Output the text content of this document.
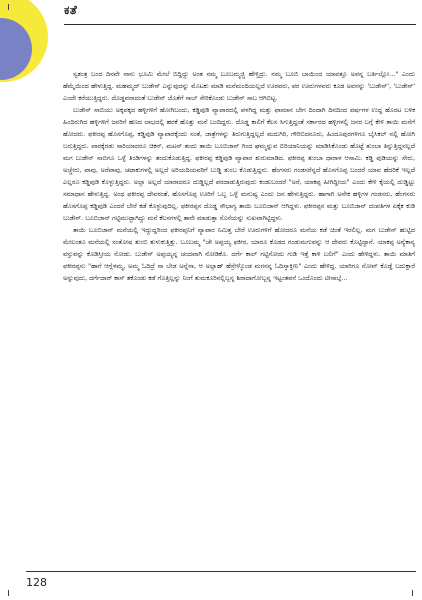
ಕತೆ

ಸ್ವತಂತ್ರ ಬಂದ ದಿನವೇ ನಾನು ಭೂಮಿ ಮೇಲೆ ಬಿದ್ದಿದ್ದು ಅಂತ ನಮ್ಮ ಬೂಬಮ್ಮಜ್ಜಿ ಹೇಳ್ತಿದ್ರು. ನಮ್ಮ ಬೂಬಿ ಬಾಯಿಂದ ಯಾವತ್ತೂ ಅವನ್ನ ಬರ್ತಿಲ್ಲೋ..." ಎಂದು ಹೆಮ್ಮೆಯಿಂದ ಹೇಳುತ್ತಿದ್ದ. ಮಹಮ್ಮದ್ ಬುಡೇನ್ ಎನ್ನುವುದನ್ನು ಮೊಟಕು ಮಾಡಿ ಮನೆಮಂದಿಯಲ್ಲದೆ ಊರವರು, ಪರ ಊರುಗಳವರು ಕೂಡ ಅವನನ್ನು 'ಬುಡೇನ್', 'ಬುಡೇನ್' ಎಂದೇ ಕರೆಯುತ್ತಿದ್ದರು. ದೊಡ್ಡವನಾದಂತೆ ಬುಡೇನ್ ಜೊತೆಗೆ ಸಾಬ್ ಸೇರಿಕೊಂಡು ಬುಡೇನ್ ಸಾಬ ಆಗಿಬಿಟ್ಟ.

ಬುಡೇನ್ ಸಾಬಿಯು ಅಕ್ಕಪಕ್ಕದ ಹಳ್ಳಿಗಳಿಗೆ ಹೋಗಿಬಂದು, ಕಡ್ಡಿಪುಡಿ ವ್ಯಾಪಾರದಲ್ಲಿ ಪಳಗಿದ್ದ ಮತ್ತು ಫಾಮಾನ ಬೇಗ ದಿಂದಾಗಿ ದಿನದಿಂದ ವರ್ಷಗಳ ಉದ್ದ ಹೊರಟ ಬಳಿಕ ಹಿಂದಿರುಗಿದ ಹಳ್ಳಿಗಳಿಗೆ ಜನರಿಗೆ ಹಣದ ಲಾಭದಲ್ಲಿ ಹರಕೆ ಹೊತ್ತು ಮನೆ ಬಂದಿದ್ದರು. ದೊಡ್ಡ ಕಾಲಿಗೆ ಕೆಲಸ ಸಿಗುತ್ತಿದ್ದಂತೆ ಸರ್ಕಾರದ ಹಳ್ಳಿಗಳಲ್ಲಿ ಜನರ ಬಗ್ಗೆ ಕೇಳಿ ತಾಯಿ ಮನೆಗೆ ಹೋದರು. ಫಕೀರಪ್ಪ ಹೊಸಗೊಪ್ಪ, ಕಡ್ಡಿಪುಡಿ ವ್ಯಾಪಾರಕ್ಕೆಂದು ಸಂತೆ, ಜಾತ್ರೆಗಳನ್ನು ತಿರುಗುತ್ತಿದ್ದಲ್ಲದೆ ಮದುಗಿರಿ, ಗೌರಿಬಿದನೂರು, ಹಿಂದೂಪುರಗಳಿಗೂ ಬೈಸಿಕಲ್ ನಲ್ಲಿ ಹೋಗಿ ಬರುತ್ತಿದ್ದರು. ವಾರಕ್ಕೆರಡು ಸಾರಿಯಾದರೂ ಚಿಕನ್, ಮಟನ್ ತಂದು ತಾಯಿ ಬೂಬಿಜಾನ್ ಗಿಂದ ಘಮ್ಮನ್ನುವ ಬಿರಿಯಾನಿಯನ್ನು ಮಾಡಿಸಿಕೊಂಡು ಹೊಟ್ಟೆ ತುಂಬಾ ತಿನ್ನುತ್ತಿದ್ದನಲ್ಲದೆ ಮಗ ಬುಡೇನ್ ಸಾಬಿಗೂ ಒಳ್ಳೆ ತಿಂಡಿಗಳನ್ನು ತಂದುಕೊಡುತ್ತಿದ್ದ. ಫಕೀರಪ್ಪ ಕಡ್ಡಿಪುಡಿ ವ್ಯಾಪಾರ ಶುರುಮಾಡಿದ. ಫಕೀರಪ್ಪ ತುಂಬಾ ಧಾರಾಳ ಆಸಾಮಿ. ಕಡ್ಡಿ ಪುಡಿಯನ್ನು ಸೇರು, ಅಚ್ಚೇರು, ಪಾವು, ಅರೆಪಾವು, ಚಟಾಕುಗಳಲ್ಲಿ ಅಲ್ಲದೆ ಅರಿಯದಿಯವರಿಗೆ ಬುಡ್ಡಿ ತುಂಬ ಕೊಡುತ್ತಿದ್ದನು. ಹೆಂಗಸರು ಗಂಡಸರೆನ್ನದೆ ಹೊಸಗೊಪ್ಪ ಬಂದರೆ ಯಾವ ಹೆದರಿಕೆ ಇಲ್ಲದೆ ಎಲ್ಲರೂ ಕಡ್ಡಿಪುಡಿ ಕೊಳ್ಳುತ್ತಿದ್ದರು. ಅಲ್ಲಾ ಅಲ್ಲದೆ ಯಾರಾದರೂ ದುಡ್ಡಿಲ್ಲದೆ ಪರದಾಡುತ್ತಿರುವುದು ಕಂಡುಬಂದರೆ "ಅರೆ, ಯಾಕಪ್ಪ ಹೀಗಿದ್ದೀಯ" ಎಂದು ಕೇಳಿ ಕೈಯಲ್ಲಿ ದುಡ್ಡಿಟ್ಟು ಸಮಾಧಾನ ಹೇಳುತ್ತಿದ್ದ. ಅಂಥ ಫಕೀರಪ್ಪ ದೇವರಂತೆ, ಹೊಸಗೊಪ್ಪ ಊರಿಗೆ ಒಬ್ಬ ಒಳ್ಳೆ ಮನುಷ್ಯ ಎಂದು ಜನ ಹೇಳುತ್ತಿದ್ದರು. ಹಾಗಾಗಿ ಅನೇಕ ಹಳ್ಳಿಗಳ ಗಂಡಸರು, ಹೆಂಗಸರು ಹೊಸಗೊಪ್ಪ ಕಡ್ಡಿಪುಡಿ ಎಂದರೆ ಬೇರೆ ಕಡೆ ಕೊಳ್ಳುವುದಿಲ್ಲ. ಫಕೀರಪ್ಪನ ದೊಡ್ಡ ಸೌಭಾಗ್ಯ ತಾಯಿ ಬೂಬಿಜಾನ್ ಆಗಿದ್ದಳು. ಫಕೀರಪ್ಪನ ಮತ್ತು ಬೂಬಿಜಾನ್ ದಂಪತಿಗಳ ಏಕೈಕ ಕುಡಿ ಬುಡೇನ್. ಬೂಬಿಜಾನ್ ಗಟ್ಟಿಮುಟ್ಟಾಗಿದ್ದು ಮನೆ ಕೆಲಸಗಳಲ್ಲಿ ತಾನೇ ಮಾಡುತ್ತಾ ಸೊಸೆಯನ್ನು ಸುಖವಾಗಿಟ್ಟಿದ್ದಳು.

ತಾಯಿ ಬೂಬಿಜಾನ್ ಮನೆಯಲ್ಲಿ ಇದ್ದುದ್ದರಿಂದ ಫಕೀರಪ್ಪನಿಗೆ ವ್ಯಾಪಾರ ನಿಮಿತ್ತ ಬೇರೆ ಊರುಗಳಿಗೆ ಹೋದರೂ ಮನೆಯ ಕಡೆ ಚಿಂತೆ ಇರಲಿಲ್ಲ. ಮಗ ಬುಡೇನ್ ಹುಟ್ಟಿದ ಮೇಲಂತೂ ಮನೆಯಲ್ಲಿ ಸಂತೋಷ ತುಂಬಿ ತುಳುಕುತ್ತಿತ್ತು. ಬೂಬಮ್ಮ "ಚೇ ಅಪ್ಪಯ್ಯ ಫಕೀರ, ಯಾರೂ ಕೊಡದ ಗಂಡುಮಗುವನ್ನು ಆ ದೇವರು ಕೊಟ್ಟಿದ್ದಾನೆ. ಯಾಕಪ್ಪ ಅನ್ಯೆಕಾನ್ಯ ವಸ್ತುವನ್ನು ಕೊಡಿಸ್ತೀಯ ನೋಡು. ಬುಡೇನ್ ಅಪ್ಪಯ್ಯನ್ನ ಚಂದವಾಗಿ ನೋಡಿಕೊ. ದರ್ಗೆ ಕಾಲ್ ಗಟ್ಟಿಸೋದು ಗುಡಿ ಇತ್ತೆ ಕಾಳಿ ಬಲಿಗೆ" ಎಂದು ಹೇಳಿದ್ದಳು. ತಾಯಿ ಮಾತಿಗೆ ಫಕೀರಪ್ಪನು "ಹಾಗೆ ಆಗ್ಲೆಳಮ್ಮ, ಅಮ್ಮ ಓದಿದ್ರೆ ನಾ ಬೇಡ ಅನ್ನೆನಾ, ಆ ಅಲ್ಲಾಹ್ ಹೆಸ್ರೇಳ್ಕೊಂಡ ಮಗನನ್ನ ಓದಿಸ್ಕಾಕ್ತೀನಿ" ಎಂದು ಹೇಳಿದ್ದ. ಯಾರಿಗೂ ನೋವ್ ಕೊಡ್ದೆ ಬದುಕ್ತಾರೆ ಅನ್ನುವುದು, ದರ್ಗೆದಾರ್ ಕಾಸ್ ತಕೊಂಡು ಕಡೆ ಗೊತ್ತಿಲ್ಲನ್ನು ನಿಂಗೆ ತುಮಕೂರಿನಲ್ಲಿಬ್ಬನ್ನ ಶಿರಾದಾಗೋಬ್ಬನ್ನ ಇಟ್ಟಂತವನೆ ಒಂದೊಂದು ಟೀಸಾಬ್ಗೆ...

128
